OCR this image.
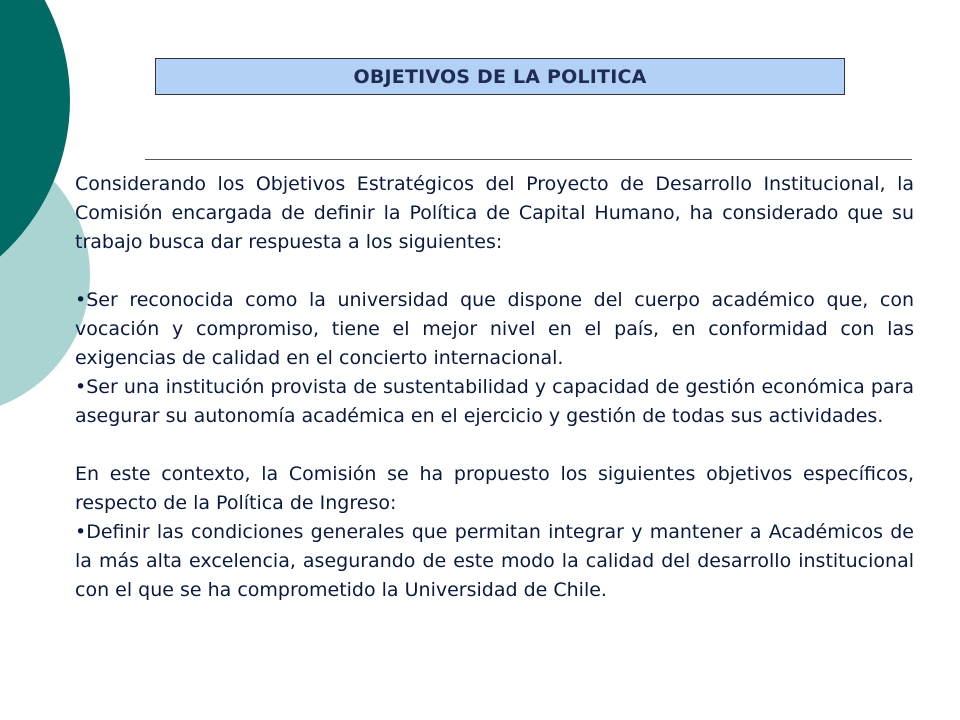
OBJETIVOS DE LA POLITICA

Considerando los Objetivos Estratégicos del Proyecto de Desarrollo Institucional, la Comisión encargada de definir la Política de Capital Humano, ha considerado que su trabajo busca dar respuesta a los siguientes:

•Ser reconocida como la universidad que dispone del cuerpo académico que, con vocación y compromiso, tiene el mejor nivel en el país, en conformidad con las exigencias de calidad en el concierto internacional.

•Ser una institución provista de sustentabilidad y capacidad de gestión económica para asegurar su autonomía académica en el ejercicio y gestión de todas sus actividades.

En este contexto, la Comisión se ha propuesto los siguientes objetivos específicos, respecto de la Política de Ingreso:

•Definir las condiciones generales que permitan integrar y mantener a Académicos de la más alta excelencia, asegurando de este modo la calidad del desarrollo institucional con el que se ha comprometido la Universidad de Chile.
